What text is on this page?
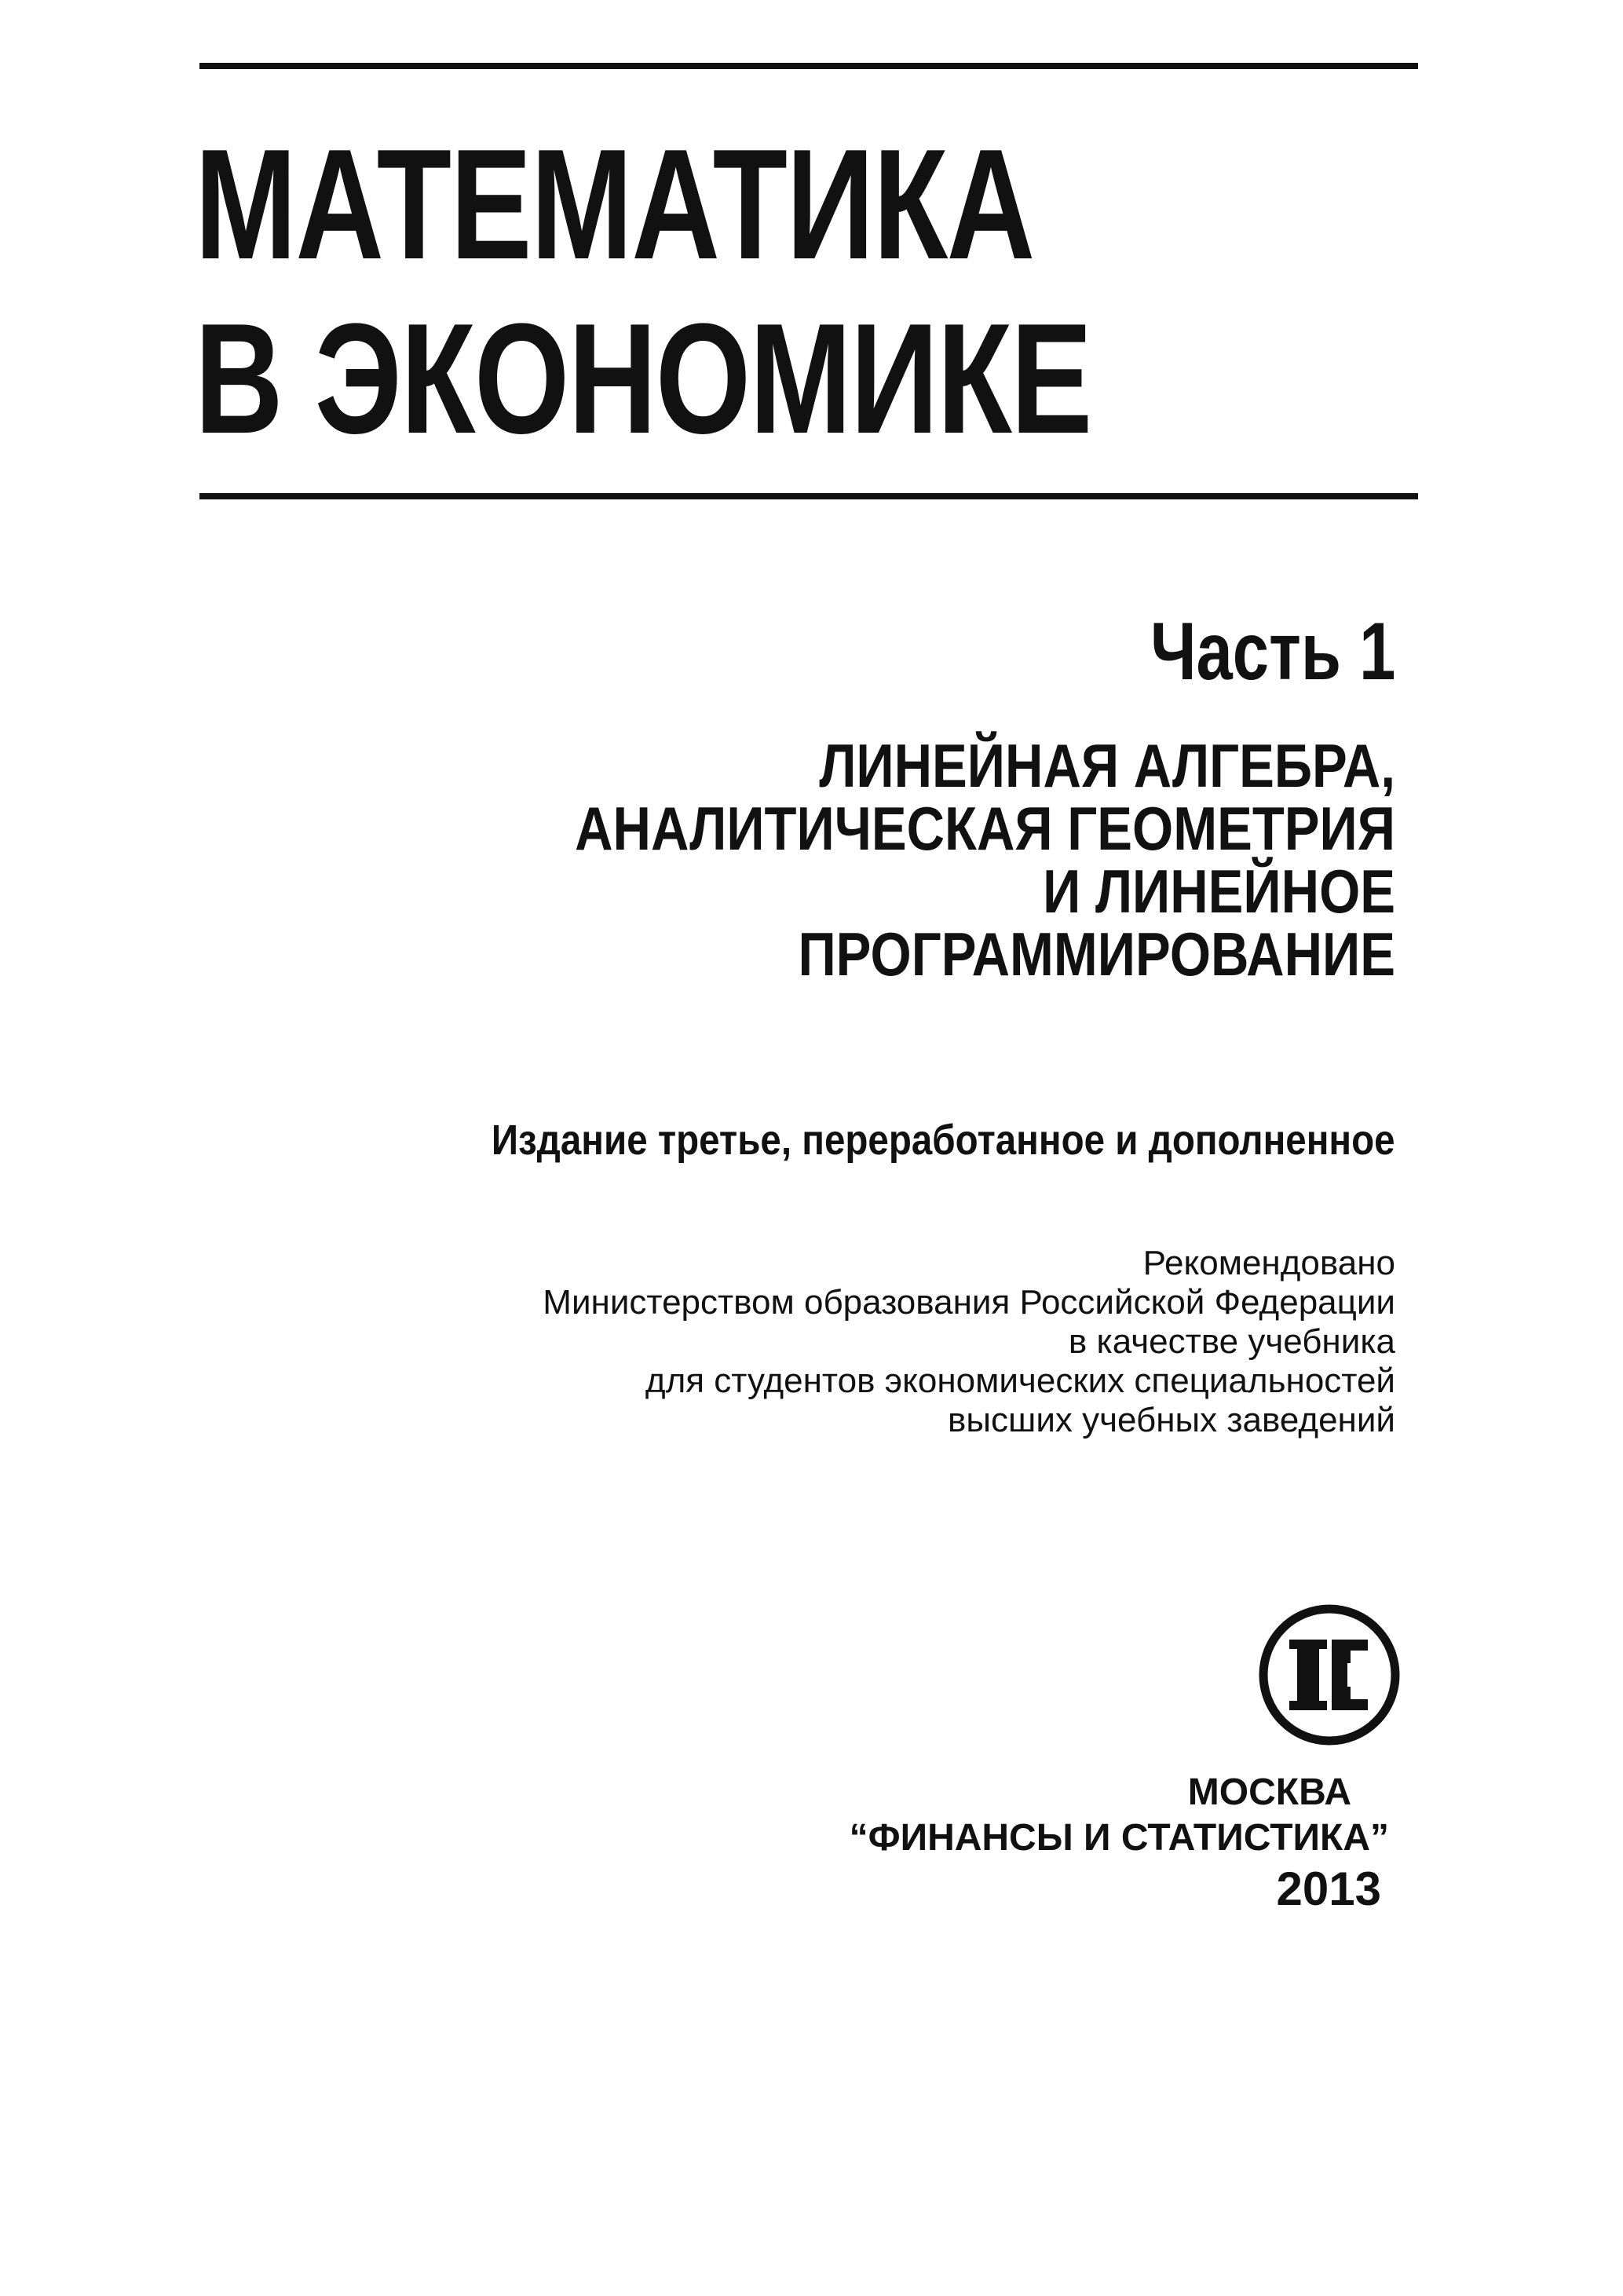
МАТЕМАТИКА
В ЭКОНОМИКЕ
Часть 1
ЛИНЕЙНАЯ АЛГЕБРА,
АНАЛИТИЧЕСКАЯ ГЕОМЕТРИЯ
И ЛИНЕЙНОЕ
ПРОГРАММИРОВАНИЕ
Издание третье, переработанное и дополненное
Рекомендовано
Министерством образования Российской Федерации
в качестве учебника
для студентов экономических специальностей
высших учебных заведений
МОСКВА
“ФИНАНСЫ И СТАТИСТИКА”
2013
